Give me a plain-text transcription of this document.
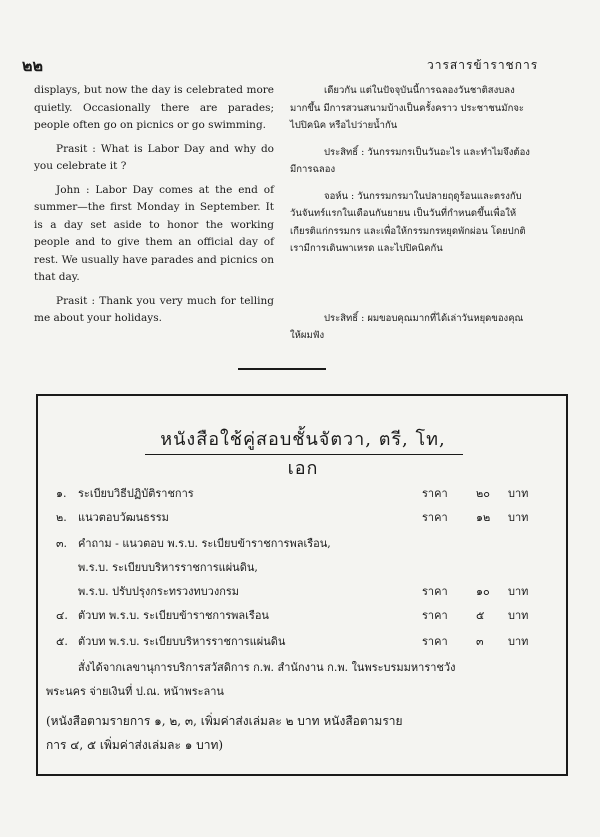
๒๒	วารสารข้าราชการ

displays, but now the day is celebrated more quietly. Occasionally there are parades; people often go on picnics or go swimming.

Prasit : What is Labor Day and why do you celebrate it ?

John : Labor Day comes at the end of summer—the first Monday in September. It is a day set aside to honor the working people and to give them an official day of rest. We usually have parades and picnics on that day.

Prasit : Thank you very much for telling me about your holidays.

เดียวกัน แต่ในปัจจุบันนี้การฉลองวันชาติสงบลงมากขึ้น มีการสวนสนามบ้างเป็นครั้งคราว ประชาชนมักจะไปปิคนิค หรือไปว่ายน้ำกัน

ประสิทธิ์ : วันกรรมกรเป็นวันอะไร และทำไมจึงต้องมีการฉลอง

จอห์น : วันกรรมกรมาในปลายฤดูร้อนและตรงกับวันจันทร์แรกในเดือนกันยายน เป็นวันที่กำหนดขึ้นเพื่อให้เกียรติแก่กรรมกร และเพื่อให้กรรมกรหยุดพักผ่อน โดยปกติเรามีการเดินพาเหรด และไปปิคนิคกัน

ประสิทธิ์ : ผมขอบคุณมากที่ได้เล่าวันหยุดของคุณให้ผมฟัง

หนังสือใช้คู่สอบชั้นจัตวา, ตรี, โท, เอก
๑. ระเบียบวิธีปฏิบัติราชการ	ราคา	๒๐ บาท
๒. แนวตอบวัฒนธรรม	ราคา	๑๒ บาท
๓. คำถาม - แนวตอบ พ.ร.บ. ระเบียบข้าราชการพลเรือน,
พ.ร.บ. ระเบียบบริหารราชการแผ่นดิน,
พ.ร.บ. ปรับปรุงกระทรวงทบวงกรม	ราคา	๑๐ บาท
๔. ตัวบท พ.ร.บ. ระเบียบข้าราชการพลเรือน	ราคา	๕ บาท
๕. ตัวบท พ.ร.บ. ระเบียบบริหารราชการแผ่นดิน	ราคา	๓ บาท
สั่งได้จากเลขานุการบริการสวัสดิการ ก.พ. สำนักงาน ก.พ. ในพระบรมมหาราชวัง
พระนคร จ่ายเงินที่ ป.ณ. หน้าพระลาน
(หนังสือตามรายการ ๑, ๒, ๓, เพิ่มค่าส่งเล่มละ ๒ บาท หนังสือตามราย
การ ๔, ๕ เพิ่มค่าส่งเล่มละ ๑ บาท)
